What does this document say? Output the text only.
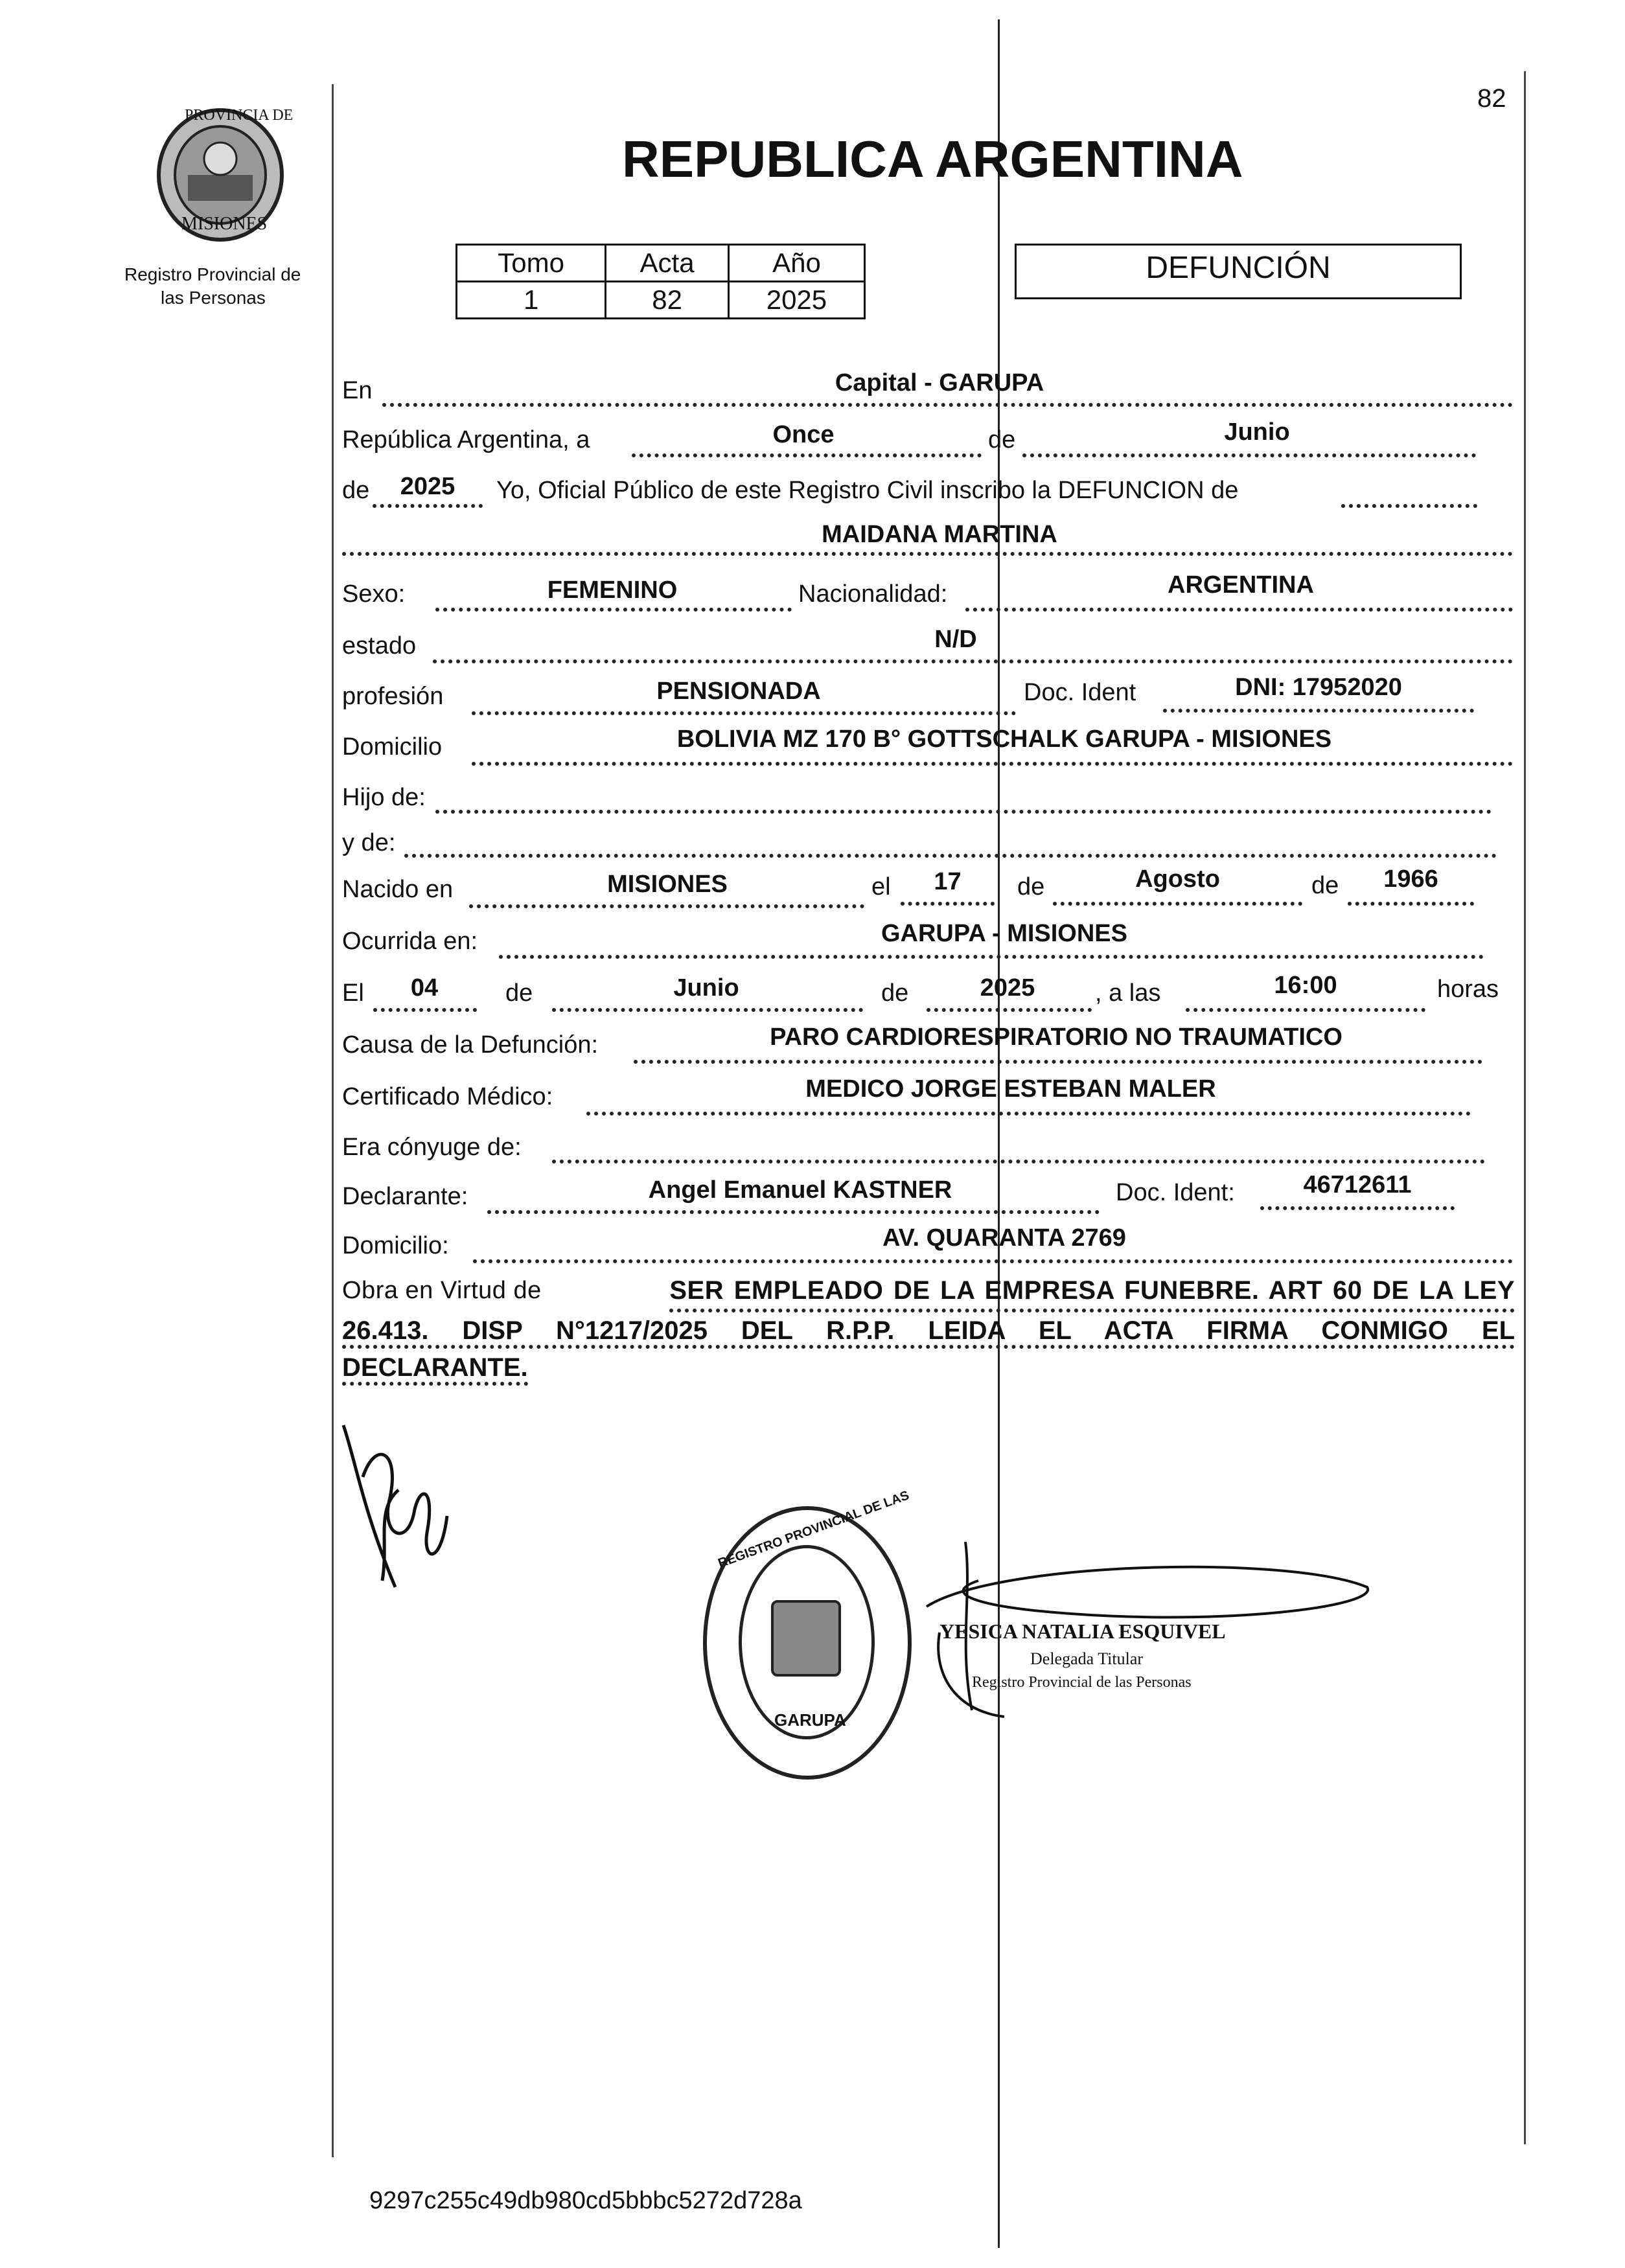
82
PROVINCIA DE
MISIONES
Registro Provincial de
las Personas
REPUBLICA ARGENTINA
Tomo	Acta	Año
1	82	2025
DEFUNCIÓN
En	Capital - GARUPA
República Argentina, a	Once	de	Junio
de	2025	Yo, Oficial Público de este Registro Civil inscribo la DEFUNCION de
MAIDANA MARTINA
Sexo:	FEMENINO	Nacionalidad:	ARGENTINA
estado	N/D
profesión	PENSIONADA	Doc. Ident	DNI: 17952020
Domicilio	BOLIVIA MZ 170 B° GOTTSCHALK GARUPA - MISIONES
Hijo de:
y de:
Nacido en	MISIONES	el	17	de	Agosto	de	1966
Ocurrida en:	GARUPA - MISIONES
El	04	de	Junio	de	2025	, a las	16:00	horas
Causa de la Defunción:	PARO CARDIORESPIRATORIO NO TRAUMATICO
Certificado Médico:	MEDICO JORGE ESTEBAN MALER
Era cónyuge de:
Declarante:	Angel Emanuel KASTNER	Doc. Ident:	46712611
Domicilio:	AV. QUARANTA 2769
Obra en Virtud de	SER EMPLEADO DE LA EMPRESA FUNEBRE. ART 60 DE LA LEY
26.413. DISP N°1217/2025 DEL R.P.P. LEIDA EL ACTA FIRMA CONMIGO EL
DECLARANTE.
REGISTRO PROVINCIAL DE LAS
GARUPA
YESICA NATALIA ESQUIVEL
Delegada Titular
Registro Provincial de las Personas
9297c255c49db980cd5bbbc5272d728a
